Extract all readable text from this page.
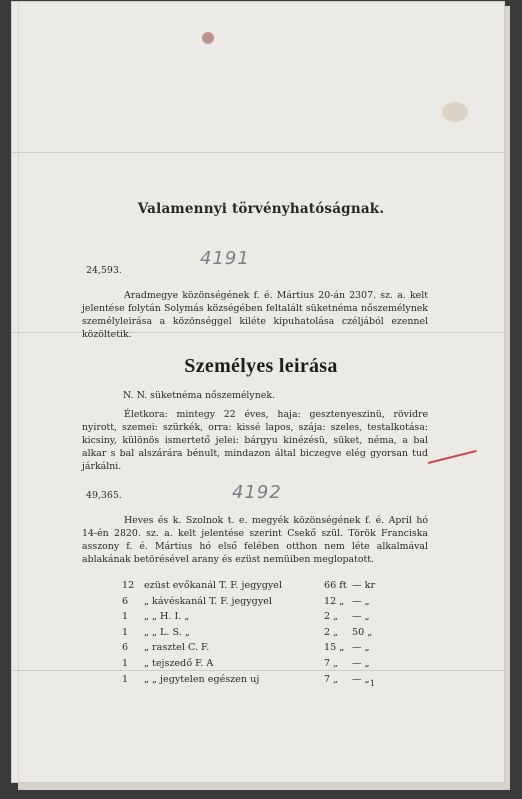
Valamennyi törvényhatóságnak.
4191
24,593.
Aradmegye közönségének f. é. Mártius 20-án 2307. sz. a. kelt jelentése folytán Solymás községében feltalált süketnéma nőszemélynek személyleirása a közönséggel kiléte kipuhatolása czéljából ezennel közöltetik.
Személyes leirása
N. N. süketnéma nőszemélynek.
Életkora: mintegy 22 éves, haja: gesztenyeszinü, rövidre nyirott, szemei: szürkék, orra: kissé lapos, szája: szeles, testalkotása: kicsiny, különös ismertető jelei: bárgyu kinézésü, süket, néma, a bal alkar s bal alszárára bénult, mindazon által biczegve elég gyorsan tud járkálni.
49,365.	4192
Heves és k. Szolnok t. e. megyék közönségének f. é. April hó 14-én 2820. sz. a. kelt jelentése szerint Csekő szül. Török Franciska asszony f. é. Mártius hó első felében otthon nem léte alkalmával ablakának betörésével arany és ezüst nemüiben meglopatott.
12 ezüst evőkanál T. F. jegygyel	66 ft — kr
6 „ kávéskanál T. F. jegygyel	12 „ — „
1 „ „ H. I. „	2 „ — „
1 „ „ L. S. „	2 „ 50 „
6 „ rasztel C. F.	15 „ — „
1 „ tejszedő F. A	7 „ — „
1 „ „ jegytelen egészen uj	7 „ — „ 1
